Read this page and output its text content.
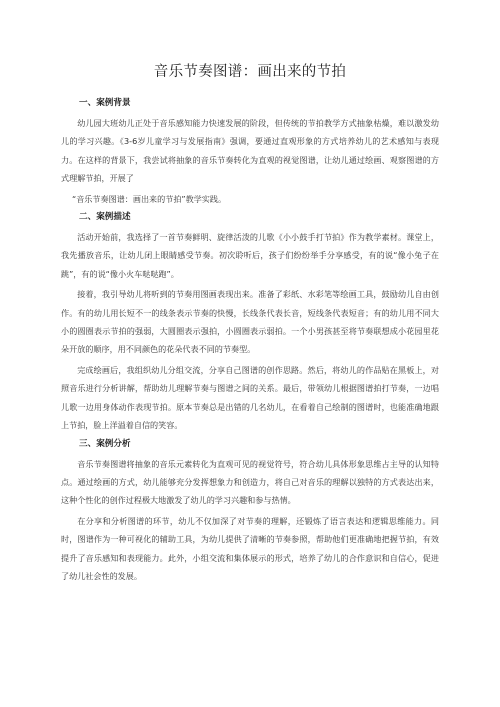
音乐节奏图谱：画出来的节拍
一、案例背景

幼儿园大班幼儿正处于音乐感知能力快速发展的阶段，但传统的节拍教学方式抽象枯燥，难以激发幼儿的学习兴趣。《3-6岁儿童学习与发展指南》强调，要通过直观形象的方式培养幼儿的艺术感知与表现力。在这样的背景下，我尝试将抽象的音乐节奏转化为直观的视觉图谱，让幼儿通过绘画、观察图谱的方式理解节拍，开展了

“音乐节奏图谱：画出来的节拍”教学实践。

二、案例描述

活动开始前，我选择了一首节奏鲜明、旋律活泼的儿歌《小小鼓手打节拍》作为教学素材。课堂上，我先播放音乐，让幼儿闭上眼睛感受节奏。初次聆听后，孩子们纷纷举手分享感受，有的说“像小兔子在跳”，有的说“像小火车哒哒跑”。

接着，我引导幼儿将听到的节奏用图画表现出来。准备了彩纸、水彩笔等绘画工具，鼓励幼儿自由创作。有的幼儿用长短不一的线条表示节奏的快慢，长线条代表长音，短线条代表短音；有的幼儿用不同大小的圆圈表示节拍的强弱，大圆圈表示强拍，小圆圈表示弱拍。一个小男孩甚至将节奏联想成小花园里花朵开放的顺序，用不同颜色的花朵代表不同的节奏型。

完成绘画后，我组织幼儿分组交流，分享自己图谱的创作思路。然后，将幼儿的作品贴在黑板上，对照音乐进行分析讲解，帮助幼儿理解节奏与图谱之间的关系。最后，带领幼儿根据图谱拍打节奏，一边唱儿歌一边用身体动作表现节拍。原本节奏总是出错的几名幼儿，在看着自己绘制的图谱时，也能准确地跟上节拍，脸上洋溢着自信的笑容。

三、案例分析

音乐节奏图谱将抽象的音乐元素转化为直观可见的视觉符号，符合幼儿具体形象思维占主导的认知特点。通过绘画的方式，幼儿能够充分发挥想象力和创造力，将自己对音乐的理解以独特的方式表达出来，这种个性化的创作过程极大地激发了幼儿的学习兴趣和参与热情。

在分享和分析图谱的环节，幼儿不仅加深了对节奏的理解，还锻炼了语言表达和逻辑思维能力。同时，图谱作为一种可视化的辅助工具，为幼儿提供了清晰的节奏参照，帮助他们更准确地把握节拍，有效提升了音乐感知和表现能力。此外，小组交流和集体展示的形式，培养了幼儿的合作意识和自信心，促进了幼儿社会性的发展。
